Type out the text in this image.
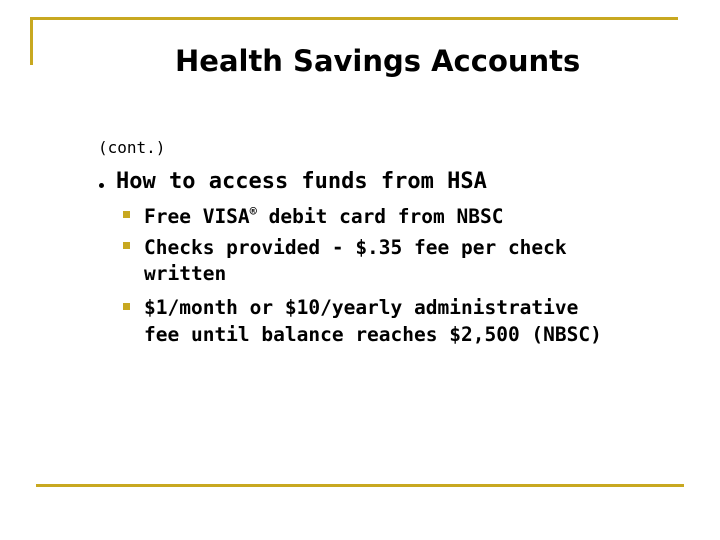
Health Savings Accounts
(cont.)
How to access funds from HSA
Free VISA® debit card from NBSC
Checks provided - $.35 fee per check
written
$1/month or $10/yearly administrative
fee until balance reaches $2,500 (NBSC)
